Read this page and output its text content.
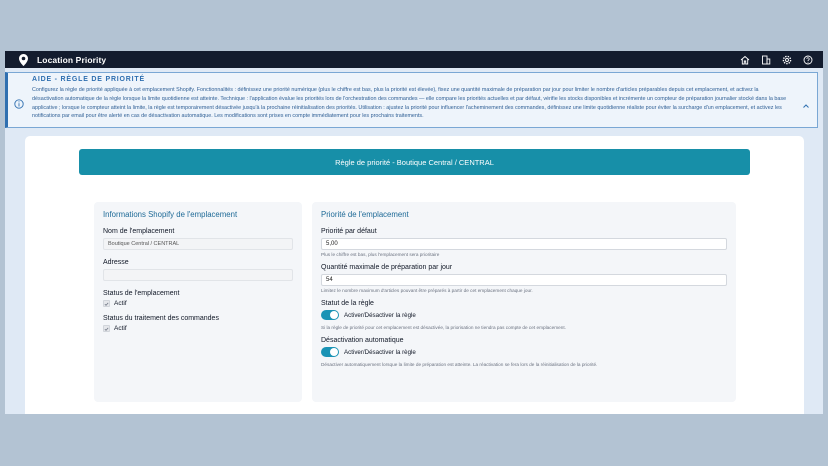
Location Priority
AIDE - RÈGLE DE PRIORITÉ
Configurez la règle de priorité appliquée à cet emplacement Shopify. Fonctionnalités : définissez une priorité numérique (plus le chiffre est bas, plus la priorité est élevée), fixez une quantité maximale de préparation par jour pour limiter le nombre d'articles préparables depuis cet emplacement, et activez la désactivation automatique de la règle lorsque la limite quotidienne est atteinte. Technique : l'application évalue les priorités lors de l'orchestration des commandes — elle compare les priorités actuelles et par défaut, vérifie les stocks disponibles et incrémente un compteur de préparation journalier stocké dans la base applicative ; lorsque le compteur atteint la limite, la règle est temporairement désactivée jusqu'à la prochaine réinitialisation des priorités. Utilisation : ajustez la priorité pour influencer l'acheminement des commandes, définissez une limite quotidienne réaliste pour éviter la surcharge d'un emplacement, et activez les notifications par email pour être alerté en cas de désactivation automatique. Les modifications sont prises en compte immédiatement pour les prochains traitements.
Règle de priorité - Boutique Central / CENTRAL
Informations Shopify de l'emplacement
Nom de l'emplacement
Boutique Central / CENTRAL
Adresse
Status de l'emplacement
Actif
Status du traitement des commandes
Actif
Priorité de l'emplacement
Priorité par défaut
5,00
Plus le chiffre est bas, plus l'emplacement sera prioritaire
Quantité maximale de préparation par jour
54
Limitez le nombre maximum d'articles pouvant être préparés à partir de cet emplacement chaque jour.
Statut de la règle
Activer/Désactiver la règle
Si la règle de priorité pour cet emplacement est désactivée, la priorisation ne tiendra pas compte de cet emplacement.
Désactivation automatique
Activer/Désactiver la règle
Désactiver automatiquement lorsque la limite de préparation est atteinte. La réactivation se fera lors de la réinitialisation de la priorité.
